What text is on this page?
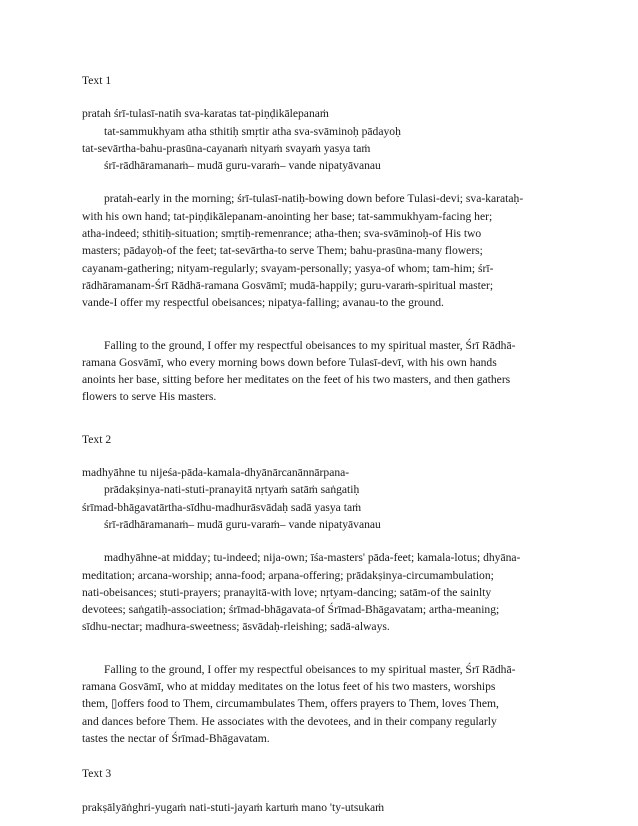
Text 1

pratah śrī-tulasī-natih sva-karatas tat-piṇḍikālepanaṁ

tat-sammukhyam atha sthitiḥ smṛtir atha sva-svāminoḥ pādayoḥ

tat-sevārtha-bahu-prasūna-cayanaṁ nityaṁ svayaṁ yasya taṁ

śrī-rādhāramanaṁ– mudā guru-varaṁ– vande nipatyāvanau

pratah-early in the morning; śrī-tulasī-natiḥ-bowing down before Tulasi-devi; sva-karataḥ-

with his own hand; tat-piṇḍikālepanam-anointing her base; tat-sammukhyam-facing her;

atha-indeed; sthitiḥ-situation; smṛtiḥ-remenrance; atha-then; sva-svāminoḥ-of His two

masters; pādayoḥ-of the feet; tat-sevārtha-to serve Them; bahu-prasūna-many flowers;

cayanam-gathering; nityam-regularly; svayam-personally; yasya-of whom; tam-him; śrī-

rādhāramanam-Śrī Rādhā-ramana Gosvāmī; mudā-happily; guru-varaṁ-spiritual master;

vande-I offer my respectful obeisances; nipatya-falling; avanau-to the ground.

Falling to the ground, I offer my respectful obeisances to my spiritual master, Śrī Rādhā-

ramana Gosvāmī, who every morning bows down before Tulasī-devī, with his own hands

anoints her base, sitting before her meditates on the feet of his two masters, and then gathers

flowers to serve His masters.

Text 2

madhyāhne tu nijeśa-pāda-kamala-dhyānārcanānnārpana-

prādakṣinya-nati-stuti-pranayitā nṛtyaṁ satāṁ saṅgatiḥ

śrīmad-bhāgavatārtha-sīdhu-madhurāsvādaḥ sadā yasya taṁ

śrī-rādhāramanaṁ– mudā guru-varaṁ– vande nipatyāvanau

madhyāhne-at midday; tu-indeed; nija-own; īśa-masters' pāda-feet; kamala-lotus; dhyāna-

meditation; arcana-worship; anna-food; arpana-offering; prādakṣinya-circumambulation;

nati-obeisances; stuti-prayers; pranayitā-with love; nṛtyam-dancing; satām-of the sainlty

devotees; saṅgatiḥ-association; śrīmad-bhāgavata-of Śrīmad-Bhāgavatam; artha-meaning;

sīdhu-nectar; madhura-sweetness; āsvādaḥ-rleishing; sadā-always.

Falling to the ground, I offer my respectful obeisances to my spiritual master, Śrī Rādhā-

ramana Gosvāmī, who at midday meditates on the lotus feet of his two masters, worships

them, ▯offers food to Them, circumambulates Them, offers prayers to Them, loves Them,

and dances before Them. He associates with the devotees, and in their company regularly

tastes the nectar of Śrīmad-Bhāgavatam.

Text 3

prakṣālyāṅghri-yugaṁ nati-stuti-jayaṁ kartuṁ mano 'ty-utsukaṁ
